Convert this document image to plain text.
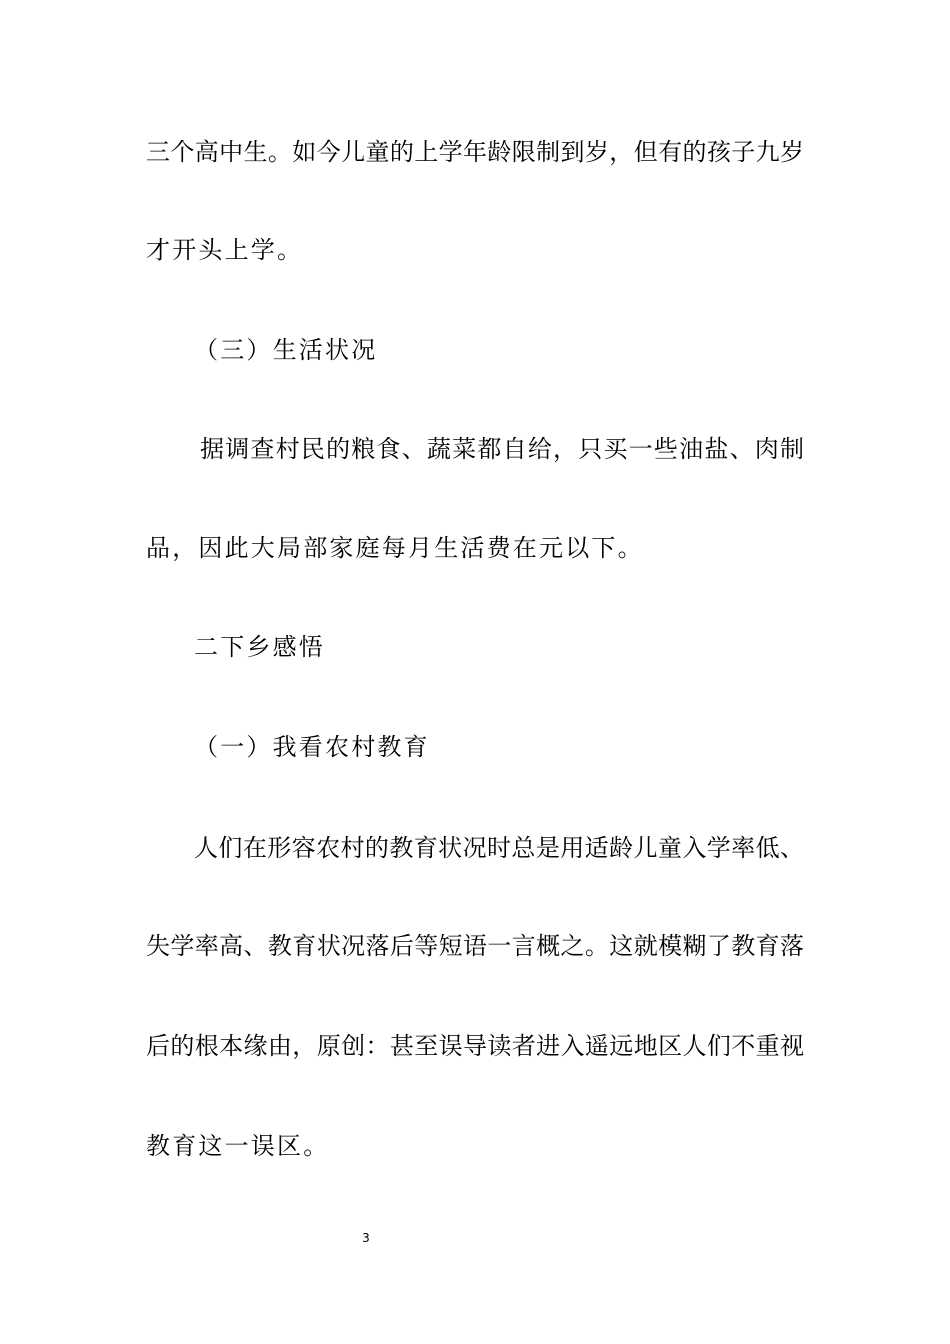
三个高中生。如今儿童的上学年龄限制到岁，但有的孩子九岁

才开头上学。

（三）生活状况

据调查村民的粮食、蔬菜都自给，只买一些油盐、肉制

品，因此大局部家庭每月生活费在元以下。

二下乡感悟

（一）我看农村教育

人们在形容农村的教育状况时总是用适龄儿童入学率低、

失学率高、教育状况落后等短语一言概之。这就模糊了教育落

后的根本缘由，原创：甚至误导读者进入遥远地区人们不重视

教育这一误区。

3
